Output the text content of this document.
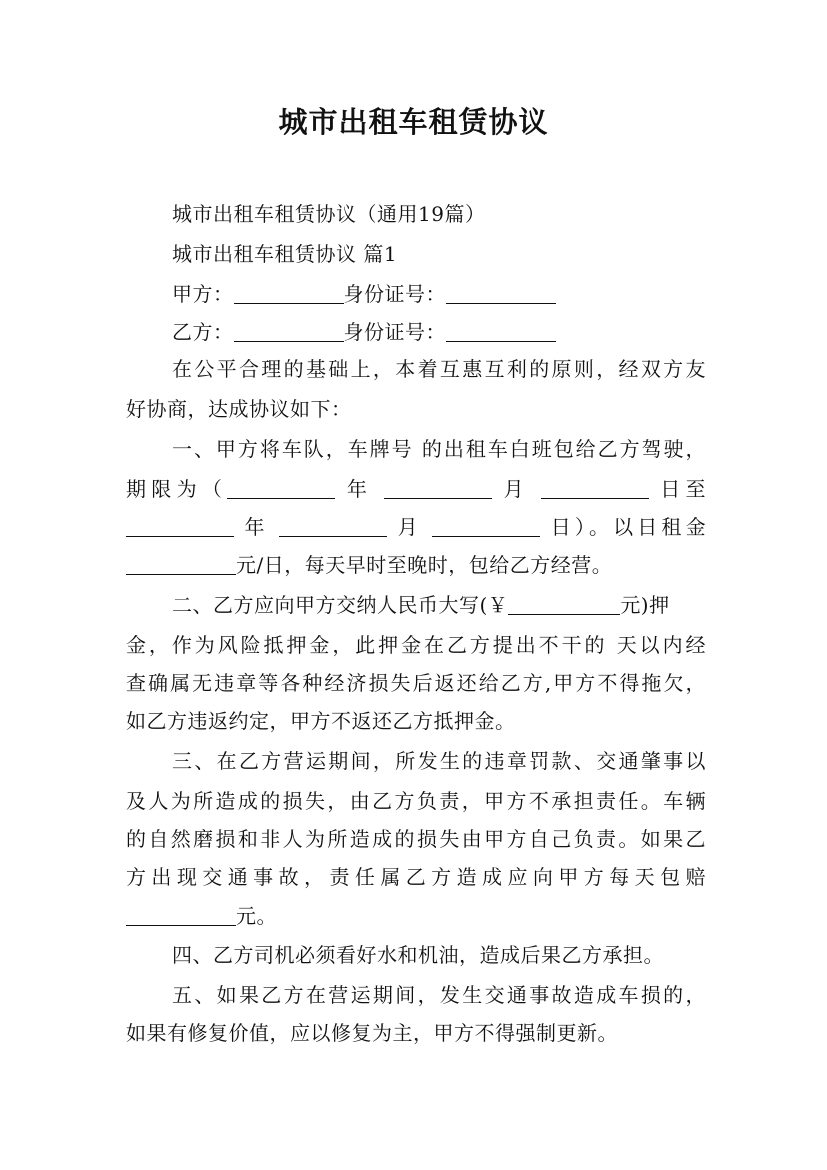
城市出租车租赁协议
城市出租车租赁协议（通用19篇）
城市出租车租赁协议 篇1
甲方：	身份证号：
乙方：	身份证号：
在公平合理的基础上，本着互惠互利的原则，经双方友
好协商，达成协议如下：
一、甲方将车队，车牌号 的出租车白班包给乙方驾驶，
期限为（	年	月	日至
年	月	日）。以日租金
元/日，每天早时至晚时，包给乙方经营。
二、乙方应向甲方交纳人民币大写(￥	元)押
金，作为风险抵押金，此押金在乙方提出不干的 天以内经
查确属无违章等各种经济损失后返还给乙方,甲方不得拖欠，
如乙方违返约定，甲方不返还乙方抵押金。
三、在乙方营运期间，所发生的违章罚款、交通肇事以
及人为所造成的损失，由乙方负责，甲方不承担责任。车辆
的自然磨损和非人为所造成的损失由甲方自己负责。如果乙
方出现交通事故，责任属乙方造成应向甲方每天包赔
元。
四、乙方司机必须看好水和机油，造成后果乙方承担。
五、如果乙方在营运期间，发生交通事故造成车损的，
如果有修复价值，应以修复为主，甲方不得强制更新。
